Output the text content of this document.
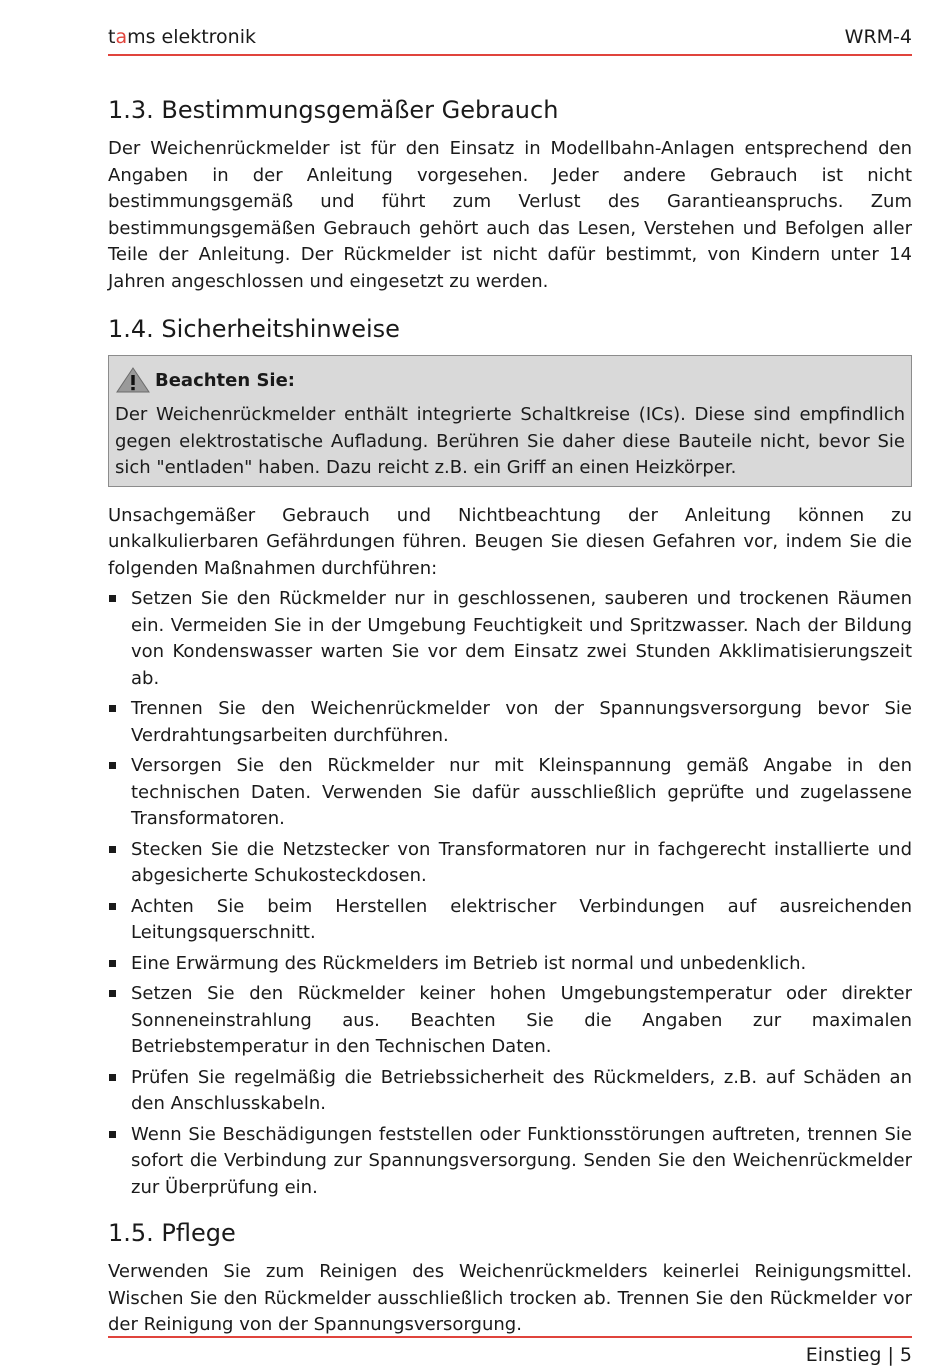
tams elektronik	WRM-4
1.3. Bestimmungsgemäßer Gebrauch

Der Weichenrückmelder ist für den Einsatz in Modellbahn-Anlagen entsprechend den Angaben in der Anleitung vorgesehen. Jeder andere Gebrauch ist nicht bestimmungsgemäß und führt zum Verlust des Garantieanspruchs. Zum bestimmungsgemäßen Gebrauch gehört auch das Lesen, Verstehen und Befolgen aller Teile der Anleitung. Der Rückmelder ist nicht dafür bestimmt, von Kindern unter 14 Jahren angeschlossen und eingesetzt zu werden.

1.4. Sicherheitshinweise
Beachten Sie:

Der Weichenrückmelder enthält integrierte Schaltkreise (ICs). Diese sind empfindlich gegen elektrostatische Aufladung. Berühren Sie daher diese Bauteile nicht, bevor Sie sich "entladen" haben. Dazu reicht z.B. ein Griff an einen Heizkörper.

Unsachgemäßer Gebrauch und Nichtbeachtung der Anleitung können zu unkalkulierbaren Gefährdungen führen. Beugen Sie diesen Gefahren vor, indem Sie die folgenden Maßnahmen durchführen:

Setzen Sie den Rückmelder nur in geschlossenen, sauberen und trockenen Räumen ein. Vermeiden Sie in der Umgebung Feuchtigkeit und Spritzwasser. Nach der Bildung von Kondenswasser warten Sie vor dem Einsatz zwei Stunden Akklimatisierungszeit ab.

Trennen Sie den Weichenrückmelder von der Spannungsversorgung bevor Sie Verdrahtungsarbeiten durchführen.

Versorgen Sie den Rückmelder nur mit Kleinspannung gemäß Angabe in den technischen Daten. Verwenden Sie dafür ausschließlich geprüfte und zugelassene Transformatoren.

Stecken Sie die Netzstecker von Transformatoren nur in fachgerecht installierte und abgesicherte Schukosteckdosen.

Achten Sie beim Herstellen elektrischer Verbindungen auf ausreichenden Leitungsquerschnitt.

Eine Erwärmung des Rückmelders im Betrieb ist normal und unbedenklich.

Setzen Sie den Rückmelder keiner hohen Umgebungstemperatur oder direkter Sonneneinstrahlung aus. Beachten Sie die Angaben zur maximalen Betriebstemperatur in den Technischen Daten.

Prüfen Sie regelmäßig die Betriebssicherheit des Rückmelders, z.B. auf Schäden an den Anschlusskabeln.

Wenn Sie Beschädigungen feststellen oder Funktionsstörungen auftreten, trennen Sie sofort die Verbindung zur Spannungsversorgung. Senden Sie den Weichenrückmelder zur Überprüfung ein.

1.5. Pflege

Verwenden Sie zum Reinigen des Weichenrückmelders keinerlei Reinigungsmittel. Wischen Sie den Rückmelder ausschließlich trocken ab. Trennen Sie den Rückmelder vor der Reinigung von der Spannungsversorgung.

Einstieg | 5
